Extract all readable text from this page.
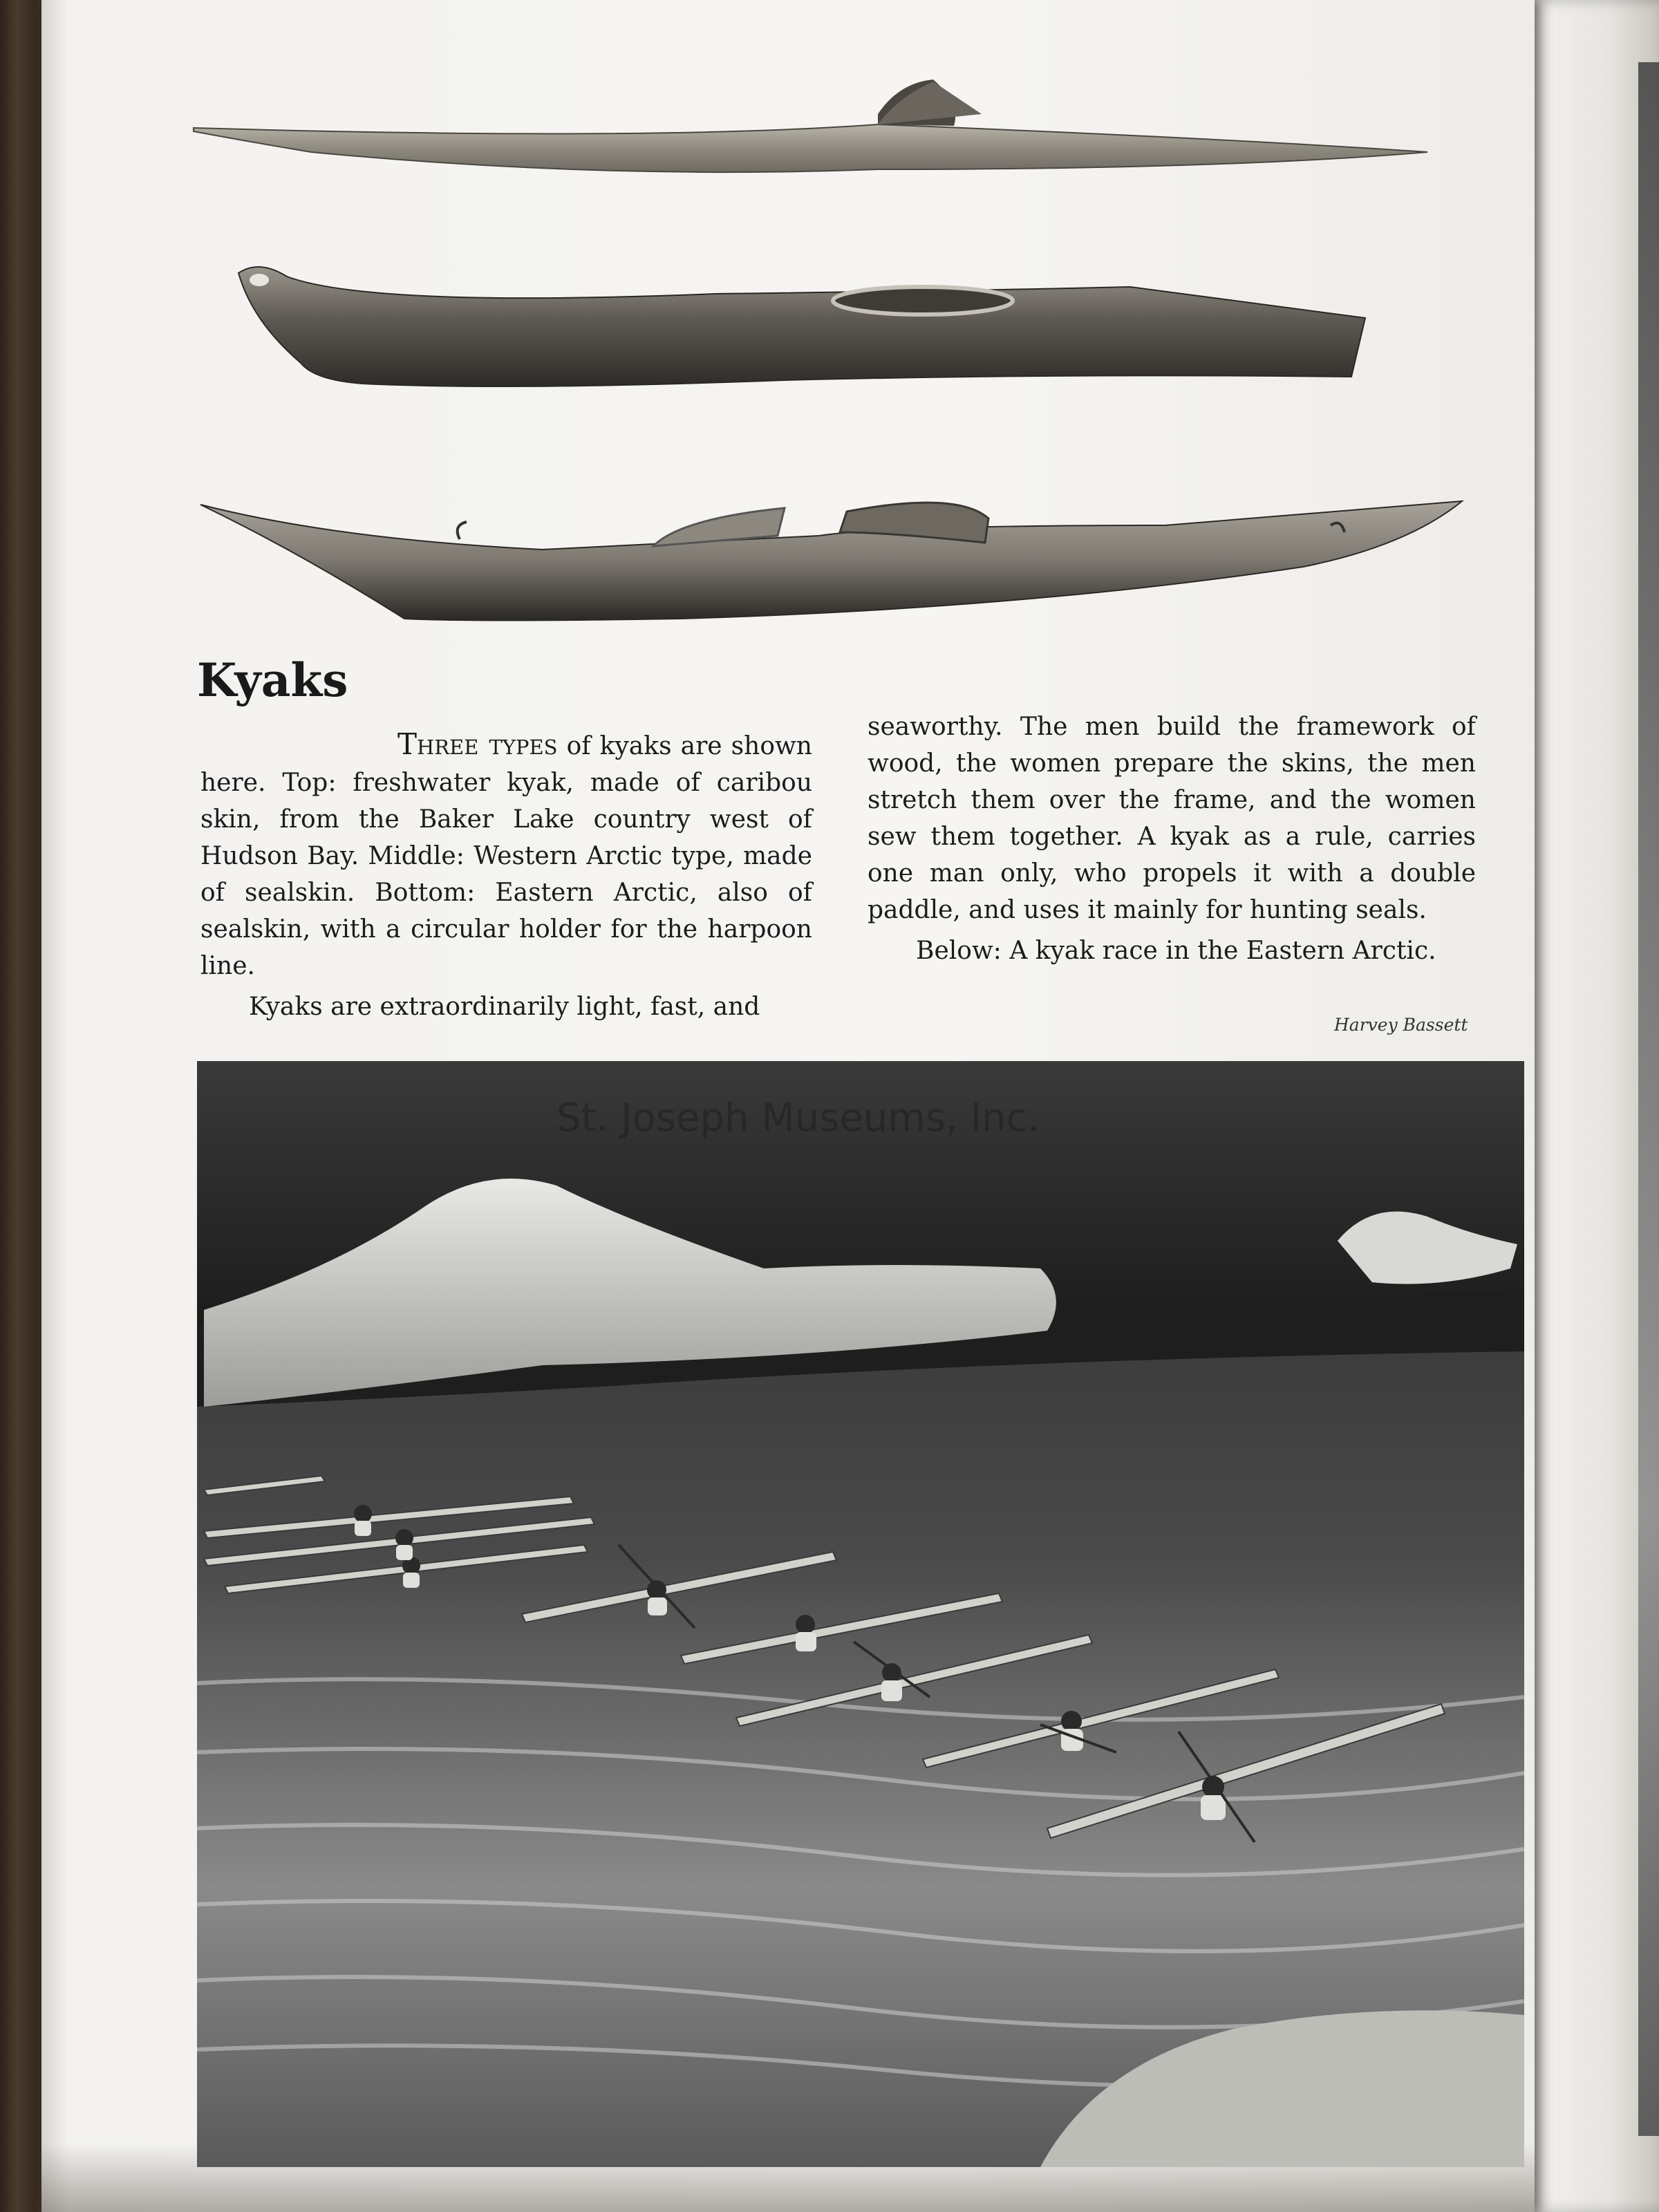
Kyaks

Three types of kyaks are shown here. Top: freshwater kyak, made of caribou skin, from the Baker Lake country west of Hudson Bay. Middle: Western Arctic type, made of sealskin. Bottom: Eastern Arctic, also of sealskin, with a circular holder for the harpoon line.

Kyaks are extraordinarily light, fast, and

seaworthy. The men build the framework of wood, the women prepare the skins, the men stretch them over the frame, and the women sew them together. A kyak as a rule, carries one man only, who propels it with a double paddle, and uses it mainly for hunting seals.

Below: A kyak race in the Eastern Arctic.

Harvey Bassett
St. Joseph Museums, Inc.
